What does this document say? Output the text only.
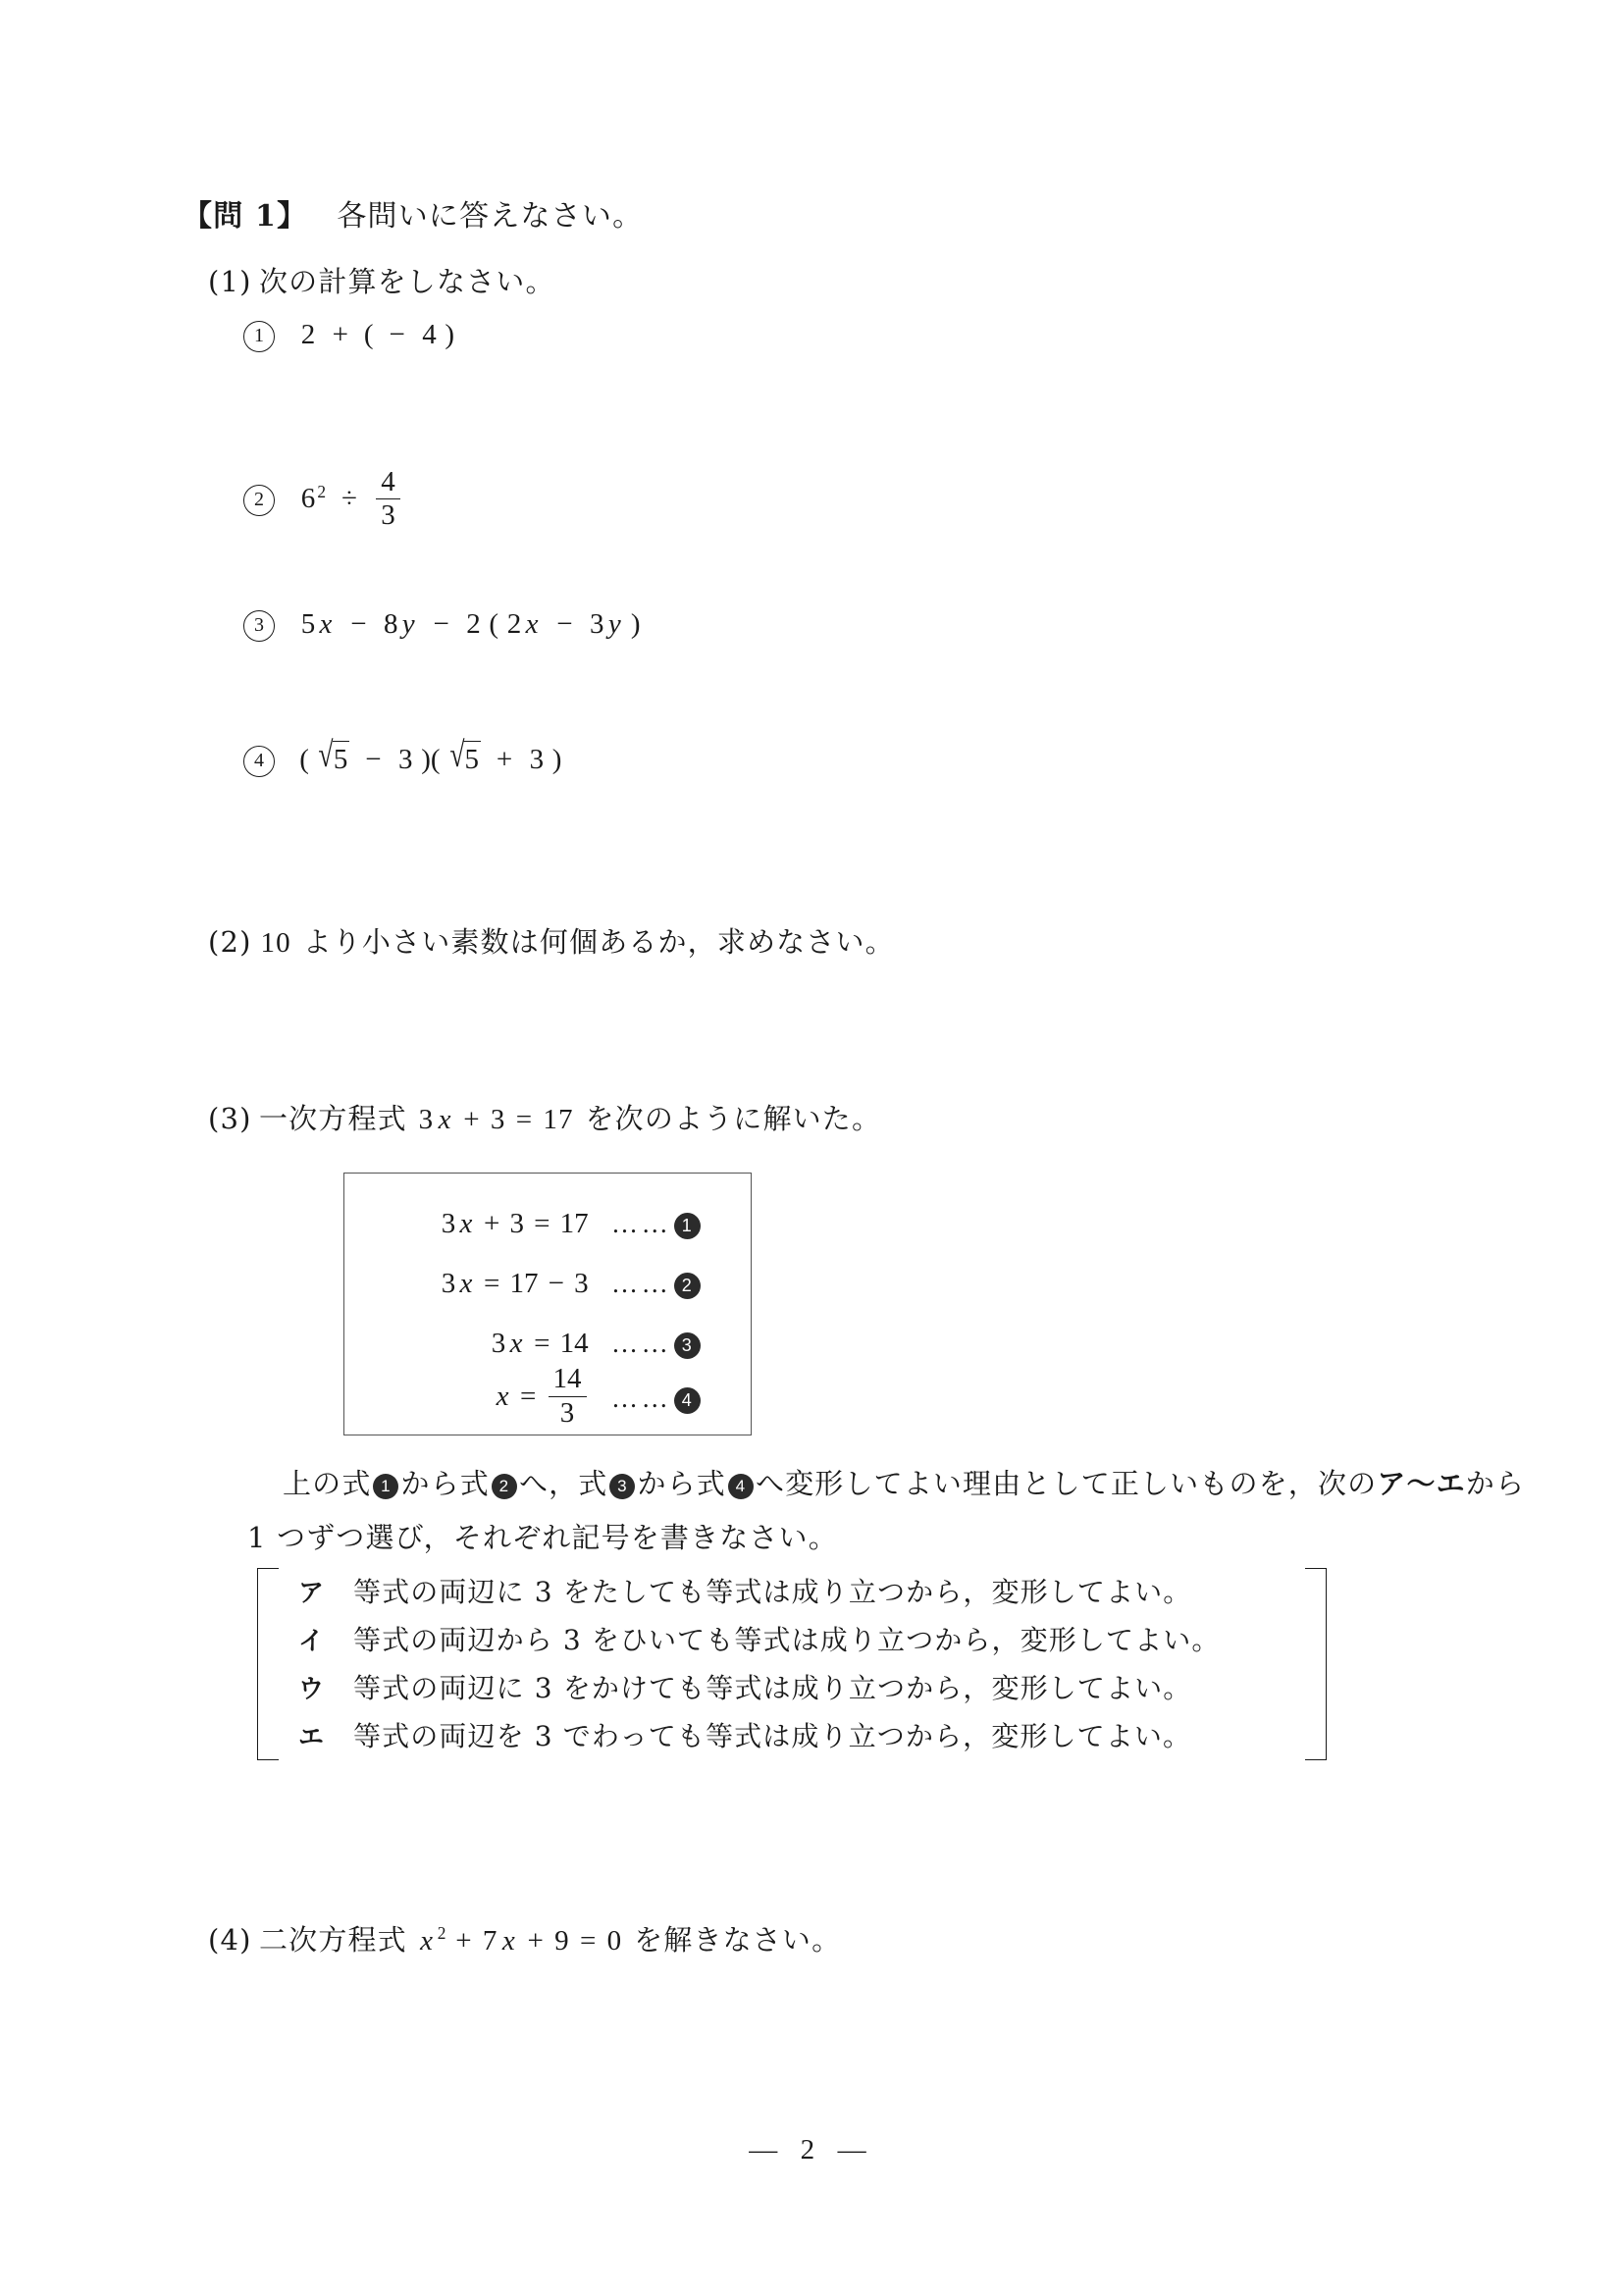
【問 1】 各問いに答えなさい。
(1) 次の計算をしなさい。
1 2 + ( − 4 )
2 6 $^2 \div \frac{4}{3}$
3 5 x − 8 y − 2 ( 2 x − 3 y )
4 ( √5 − 3 )( √5 + 3 )
(2) 10 より小さい素数は何個あるか，求めなさい。
(3) 一次方程式 3 x + 3 = 17 を次のように解いた。
3 x + 3 = 17 …… 1
3 x = 17 − 3 …… 2
3 x = 14 …… 3
$x = \frac{14}{3}$ …… 4
上の式 1 から式 2 へ，式 3 から式 4 へ変形してよい理由として正しいものを，次のア〜エから
1 つずつ選び，それぞれ記号を書きなさい。
ア 等式の両辺に 3 をたしても等式は成り立つから，変形してよい。
イ 等式の両辺から 3 をひいても等式は成り立つから，変形してよい。
ウ 等式の両辺に 3 をかけても等式は成り立つから，変形してよい。
エ 等式の両辺を 3 でわっても等式は成り立つから，変形してよい。
(4) 二次方程式 x $^2$ + 7 x + 9 = 0 を解きなさい。
— 2 —
